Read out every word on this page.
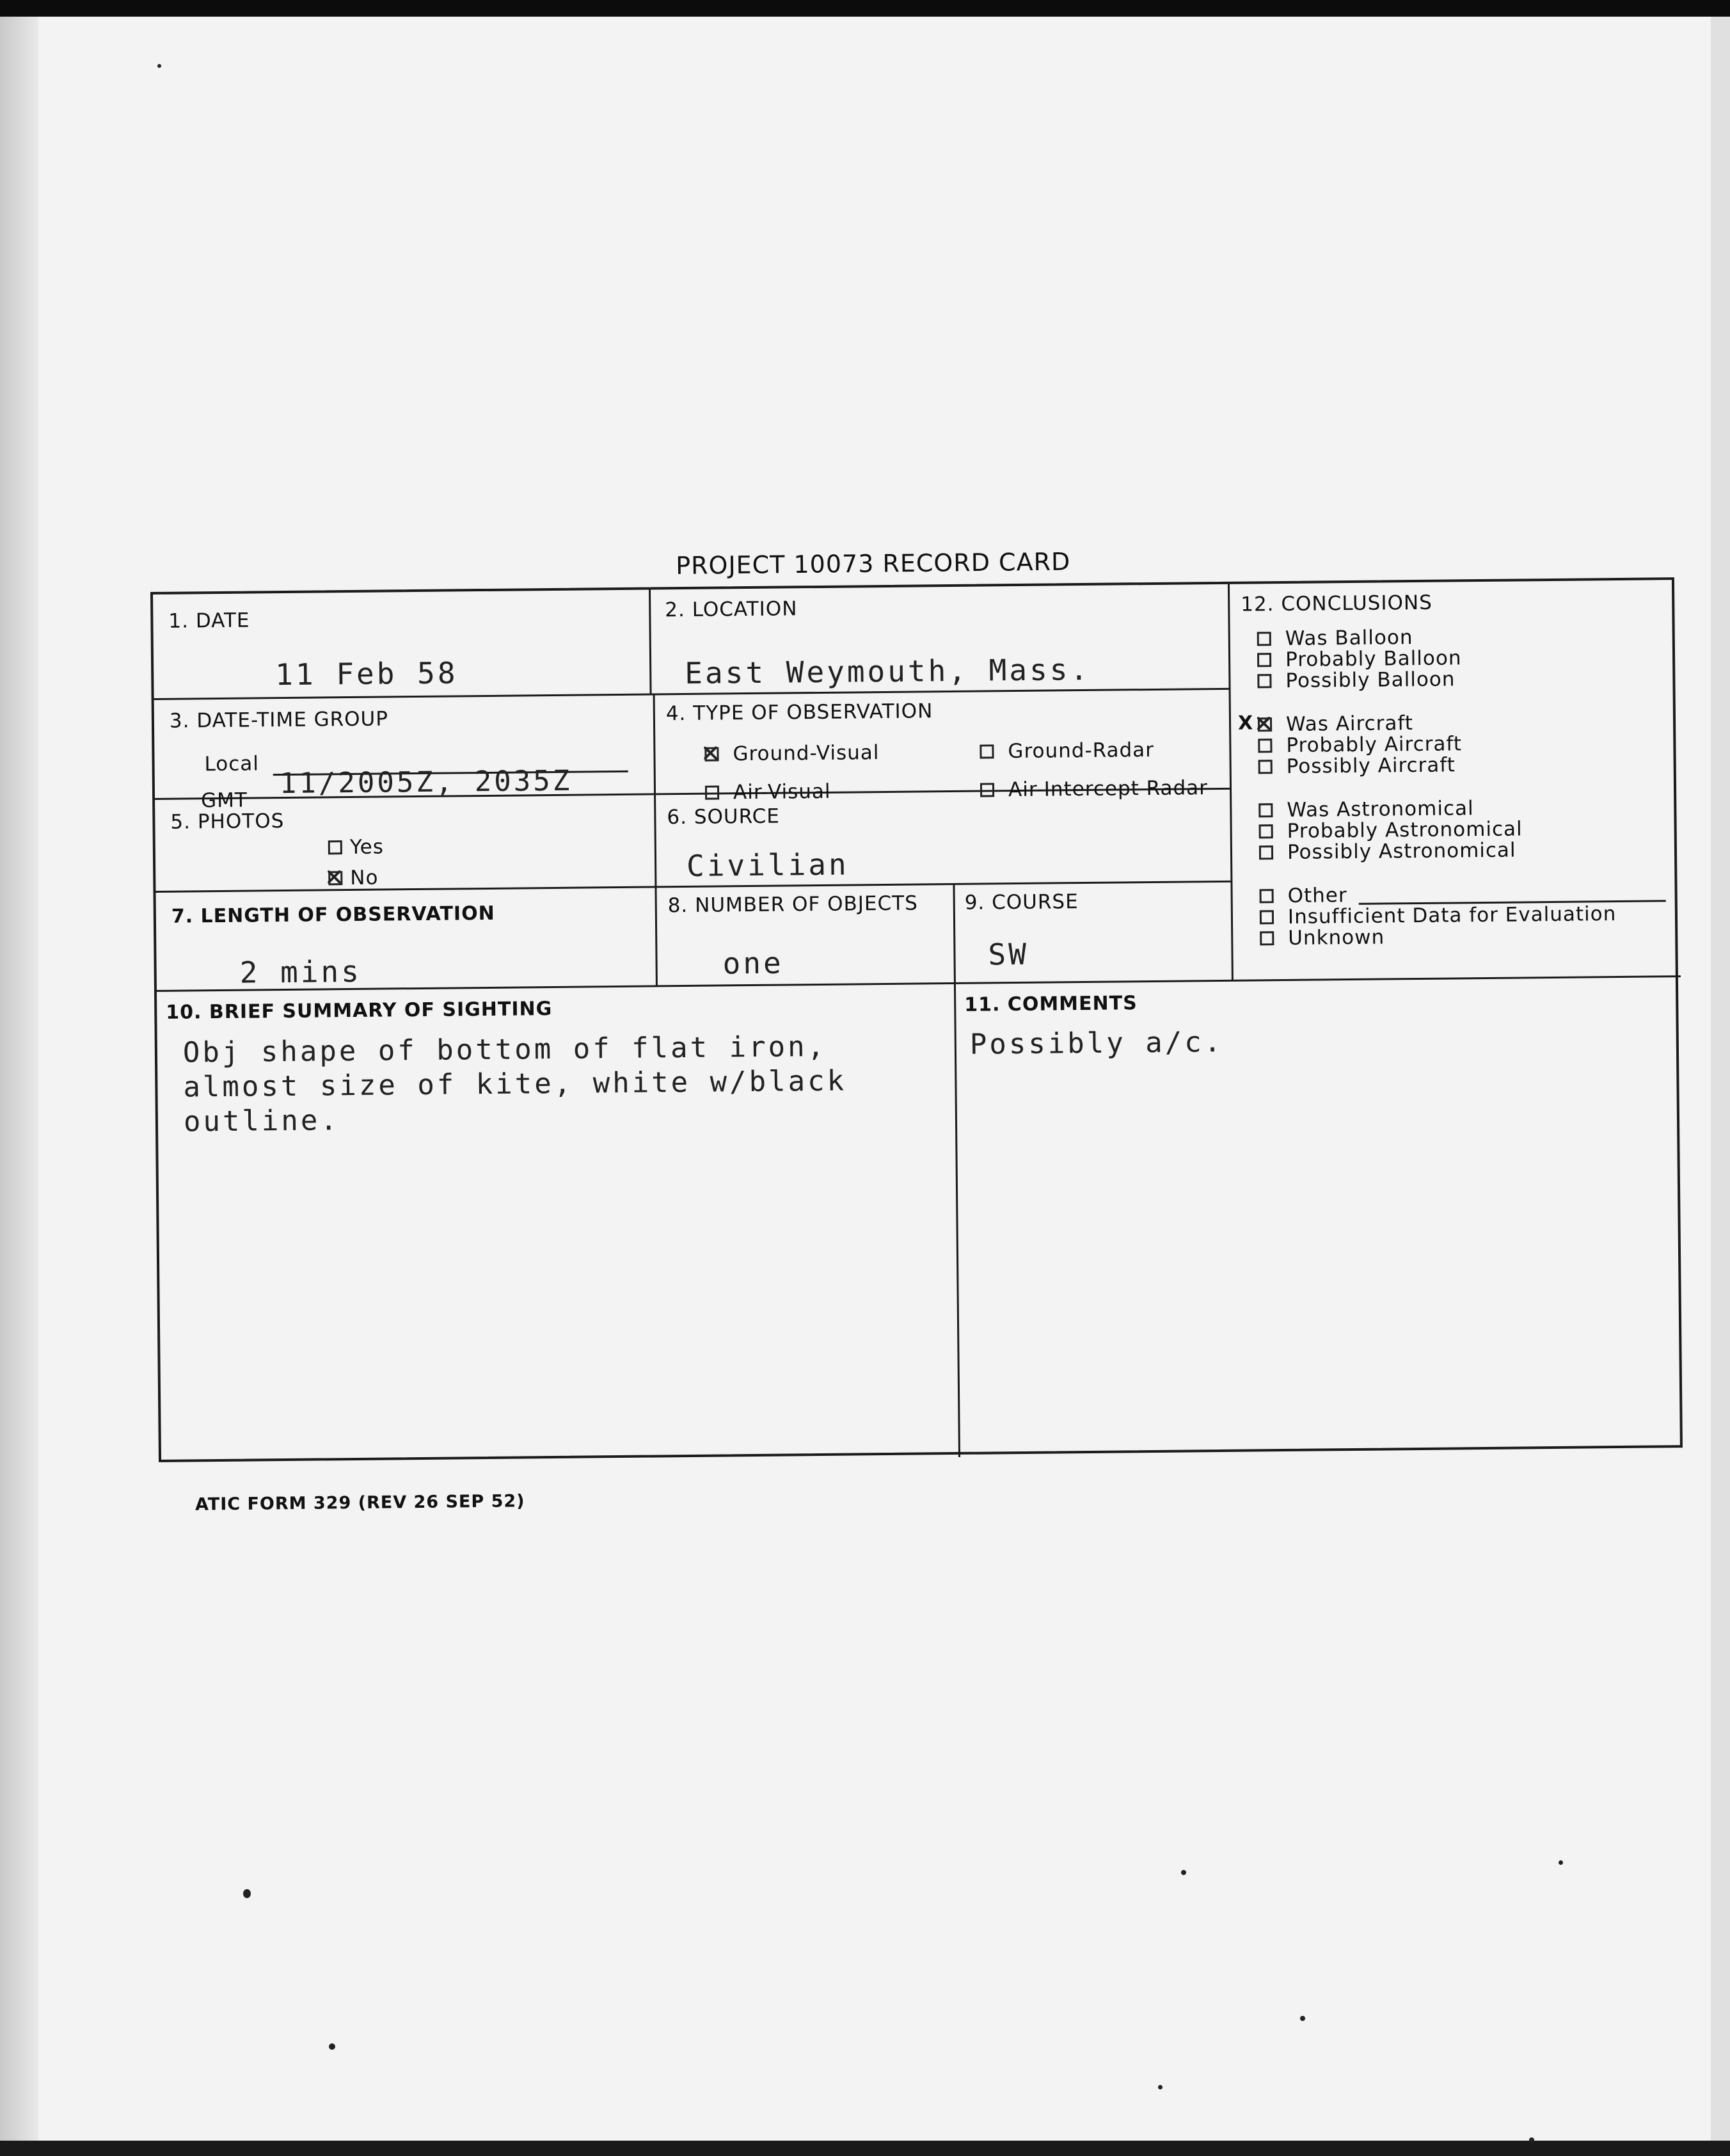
PROJECT 10073 RECORD CARD
1. DATE
11 Feb 58
2. LOCATION
East Weymouth, Mass.
3. DATE-TIME GROUP
Local
GMT
11/2005Z, 2035Z
4. TYPE OF OBSERVATION
Ground-Visual	Ground-Radar
Air-Visual	Air-Intercept Radar
5. PHOTOS
Yes
No
6. SOURCE
Civilian
7. LENGTH OF OBSERVATION
2 mins
8. NUMBER OF OBJECTS
one
9. COURSE
SW
10. BRIEF SUMMARY OF SIGHTING
Obj shape of bottom of flat iron,
almost size of kite, white w/black
outline.
11. COMMENTS
Possibly a/c.
12. CONCLUSIONS
Was Balloon
Probably Balloon
Possibly Balloon
X
Was Aircraft
Probably Aircraft
Possibly Aircraft
Was Astronomical
Probably Astronomical
Possibly Astronomical
Other
Insufficient Data for Evaluation
Unknown
ATIC FORM 329 (REV 26 SEP 52)
